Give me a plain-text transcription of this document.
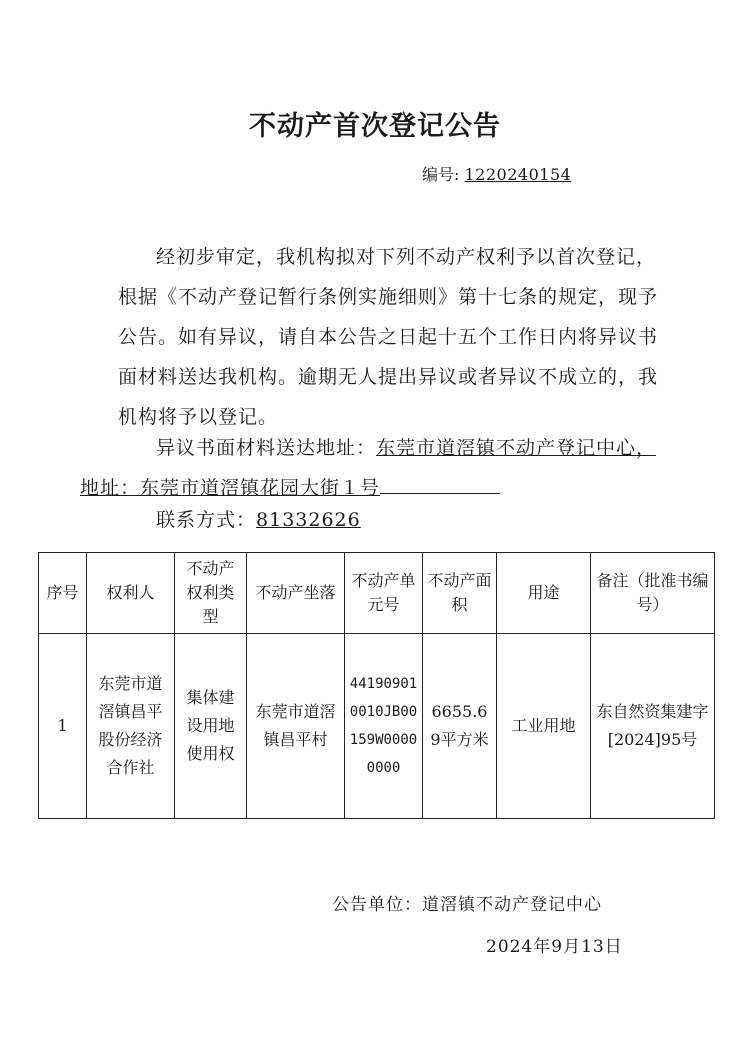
不动产首次登记公告
编号: 1220240154
经初步审定，我机构拟对下列不动产权利予以首次登记，根据《不动产登记暂行条例实施细则》第十七条的规定，现予公告。如有异议，请自本公告之日起十五个工作日内将异议书面材料送达我机构。逾期无人提出异议或者异议不成立的，我机构将予以登记。
异议书面材料送达地址：东莞市道滘镇不动产登记中心，
地址：东莞市道滘镇花园大街１号
联系方式：81332626
序号	权利人	不动产权利类型	不动产坐落	不动产单元号	不动产面积	用途	备注（批准书编号）
1	东莞市道滘镇昌平股份经济合作社	集体建设用地使用权	东莞市道滘镇昌平村	441909010010JB00159W00000000	6655.69平方米	工业用地	东自然资集建字[2024]95号
公告单位：道滘镇不动产登记中心
2024年9月13日
